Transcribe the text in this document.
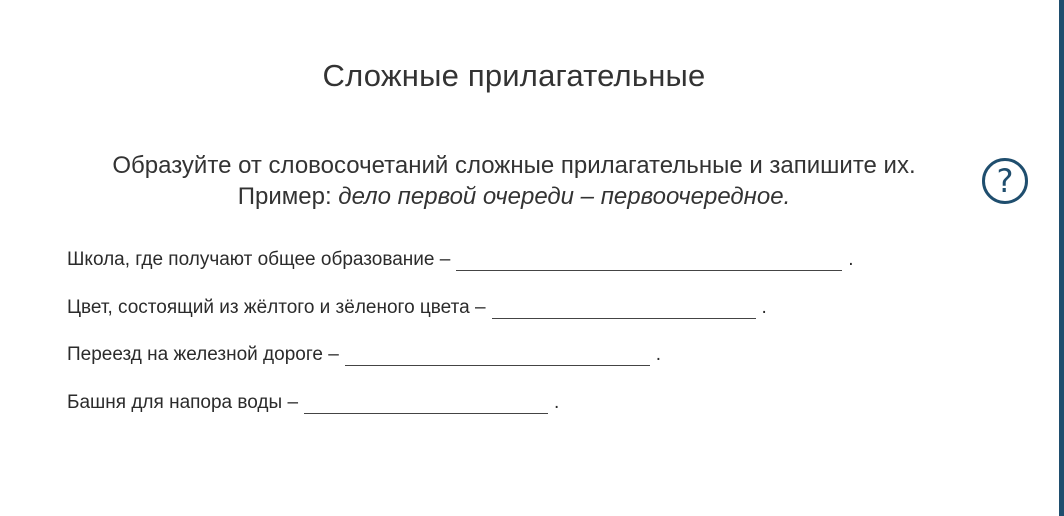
Сложные прилагательные
Образуйте от словосочетаний сложные прилагательные и запишите их.
Пример: дело первой очереди – первоочередное.	?
Школа, где получают общее образование –	.
Цвет, состоящий из жёлтого и зёленого цвета –	.
Переезд на железной дороге –	.
Башня для напора воды –	.
